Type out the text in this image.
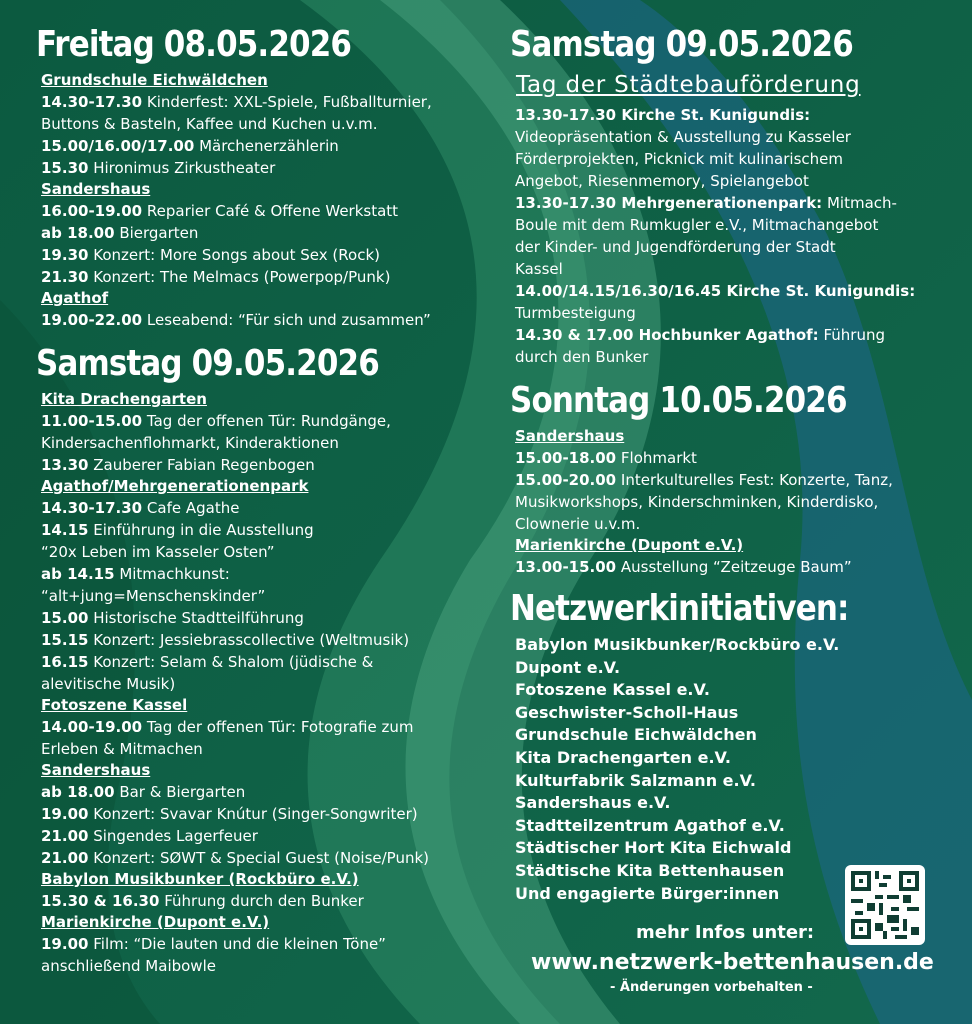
Freitag 08.05.2026
Grundschule Eichwäldchen
14.30-17.30 Kinderfest: XXL-Spiele, Fußballturnier,
Buttons & Basteln, Kaffee und Kuchen u.v.m.
15.00/16.00/17.00 Märchenerzählerin
15.30 Hironimus Zirkustheater
Sandershaus
16.00-19.00 Reparier Café & Offene Werkstatt
ab 18.00 Biergarten
19.30 Konzert: More Songs about Sex (Rock)
21.30 Konzert: The Melmacs (Powerpop/Punk)
Agathof
19.00-22.00 Leseabend: “Für sich und zusammen”
Samstag 09.05.2026
Kita Drachengarten
11.00-15.00 Tag der offenen Tür: Rundgänge,
Kindersachenflohmarkt, Kinderaktionen
13.30 Zauberer Fabian Regenbogen
Agathof/Mehrgenerationenpark
14.30-17.30 Cafe Agathe
14.15 Einführung in die Ausstellung
“20x Leben im Kasseler Osten”
ab 14.15 Mitmachkunst:
“alt+jung=Menschenskinder”
15.00 Historische Stadtteilführung
15.15 Konzert: Jessiebrasscollective (Weltmusik)
16.15 Konzert: Selam & Shalom (jüdische &
alevitische Musik)
Fotoszene Kassel
14.00-19.00 Tag der offenen Tür: Fotografie zum
Erleben & Mitmachen
Sandershaus
ab 18.00 Bar & Biergarten
19.00 Konzert: Svavar Knútur (Singer-Songwriter)
21.00 Singendes Lagerfeuer
21.00 Konzert: SØWT & Special Guest (Noise/Punk)
Babylon Musikbunker (Rockbüro e.V.)
15.30 & 16.30 Führung durch den Bunker
Marienkirche (Dupont e.V.)
19.00 Film: “Die lauten und die kleinen Töne”
anschließend Maibowle
Samstag 09.05.2026
Tag der Städtebauförderung
13.30-17.30 Kirche St. Kunigundis:
Videopräsentation & Ausstellung zu Kasseler
Förderprojekten, Picknick mit kulinarischem
Angebot, Riesenmemory, Spielangebot
13.30-17.30 Mehrgenerationenpark: Mitmach-
Boule mit dem Rumkugler e.V., Mitmachangebot
der Kinder- und Jugendförderung der Stadt
Kassel
14.00/14.15/16.30/16.45 Kirche St. Kunigundis:
Turmbesteigung
14.30 & 17.00 Hochbunker Agathof: Führung
durch den Bunker
Sonntag 10.05.2026
Sandershaus
15.00-18.00 Flohmarkt
15.00-20.00 Interkulturelles Fest: Konzerte, Tanz,
Musikworkshops, Kinderschminken, Kinderdisko,
Clownerie u.v.m.
Marienkirche (Dupont e.V.)
13.00-15.00 Ausstellung “Zeitzeuge Baum”
Netzwerkinitiativen:
Babylon Musikbunker/Rockbüro e.V.
Dupont e.V.
Fotoszene Kassel e.V.
Geschwister-Scholl-Haus
Grundschule Eichwäldchen
Kita Drachengarten e.V.
Kulturfabrik Salzmann e.V.
Sandershaus e.V.
Stadtteilzentrum Agathof e.V.
Städtischer Hort Kita Eichwald
Städtische Kita Bettenhausen
Und engagierte Bürger:innen
mehr Infos unter:
www.netzwerk-bettenhausen.de
- Änderungen vorbehalten -
